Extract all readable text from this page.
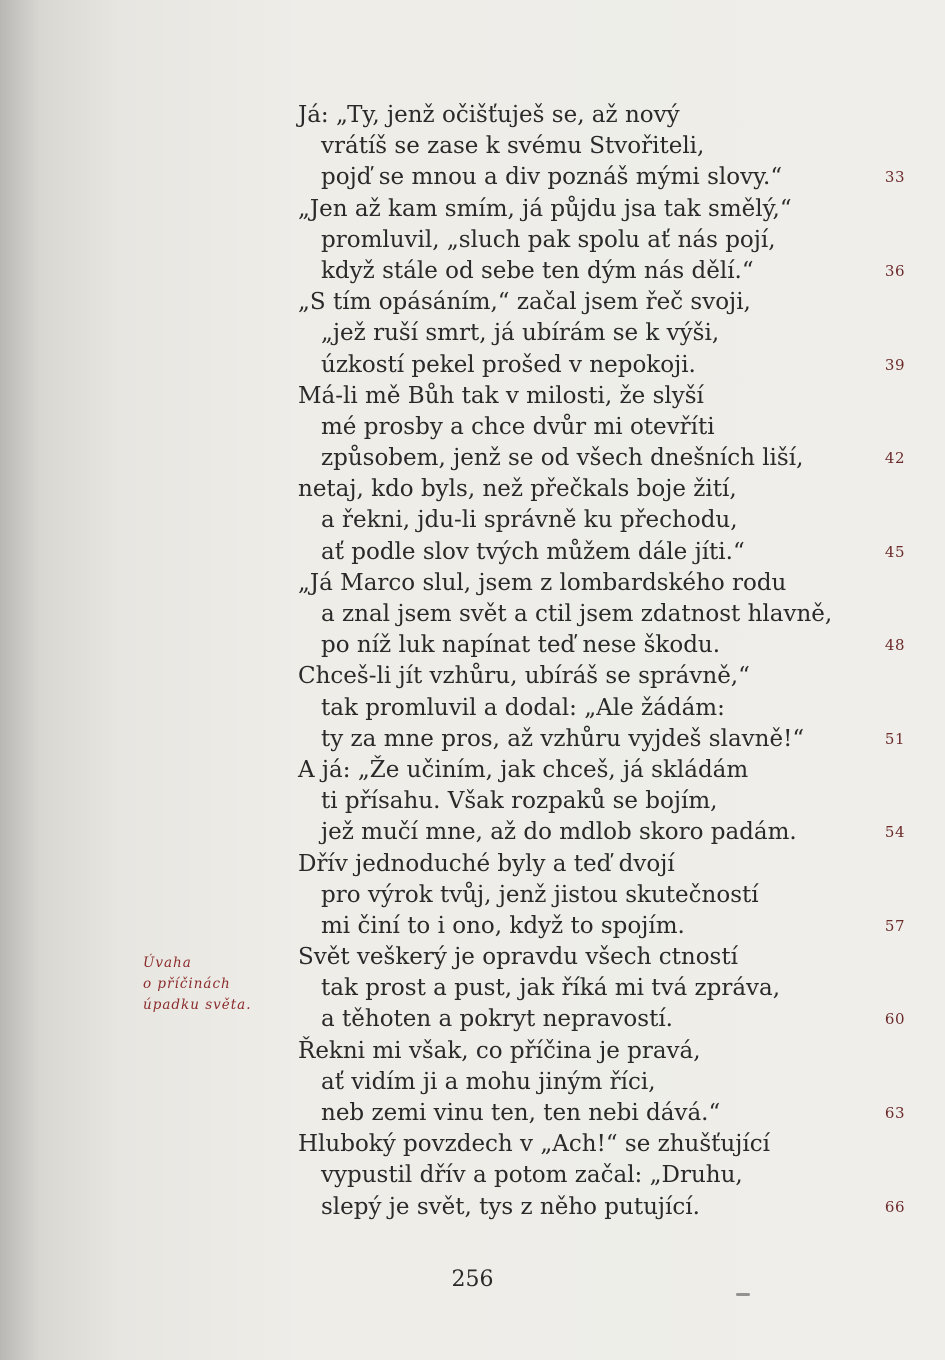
Já: „Ty, jenž očišťuješ se, až nový
vrátíš se zase k svému Stvořiteli,
pojď se mnou a div poznáš mými slovy.“	33
„Jen až kam smím, já půjdu jsa tak smělý,“
promluvil, „sluch pak spolu ať nás pojí,
když stále od sebe ten dým nás dělí.“	36
„S tím opásáním,“ začal jsem řeč svoji,
„jež ruší smrt, já ubírám se k výši,
úzkostí pekel prošed v nepokoji.	39
Má-li mě Bůh tak v milosti, že slyší
mé prosby a chce dvůr mi otevříti
způsobem, jenž se od všech dnešních liší,	42
netaj, kdo byls, než přečkals boje žití,
a řekni, jdu-li správně ku přechodu,
ať podle slov tvých můžem dále jíti.“	45
„Já Marco slul, jsem z lombardského rodu
a znal jsem svět a ctil jsem zdatnost hlavně,
po níž luk napínat teď nese škodu.	48
Chceš-li jít vzhůru, ubíráš se správně,“
tak promluvil a dodal: „Ale žádám:
ty za mne pros, až vzhůru vyjdeš slavně!“	51
A já: „Že učiním, jak chceš, já skládám
ti přísahu. Však rozpaků se bojím,
jež mučí mne, až do mdlob skoro padám.	54
Dřív jednoduché byly a teď dvojí
pro výrok tvůj, jenž jistou skutečností
mi činí to i ono, když to spojím.	57
Svět veškerý je opravdu všech ctností
tak prost a pust, jak říká mi tvá zpráva,
a těhoten a pokryt nepravostí.	60
Řekni mi však, co příčina je pravá,
ať vidím ji a mohu jiným říci,
neb zemi vinu ten, ten nebi dává.“	63
Hluboký povzdech v „Ach!“ se zhušťující
vypustil dřív a potom začal: „Druhu,
slepý je svět, tys z něho putující.	66
Úvaha
o příčinách
úpadku světa.
256
